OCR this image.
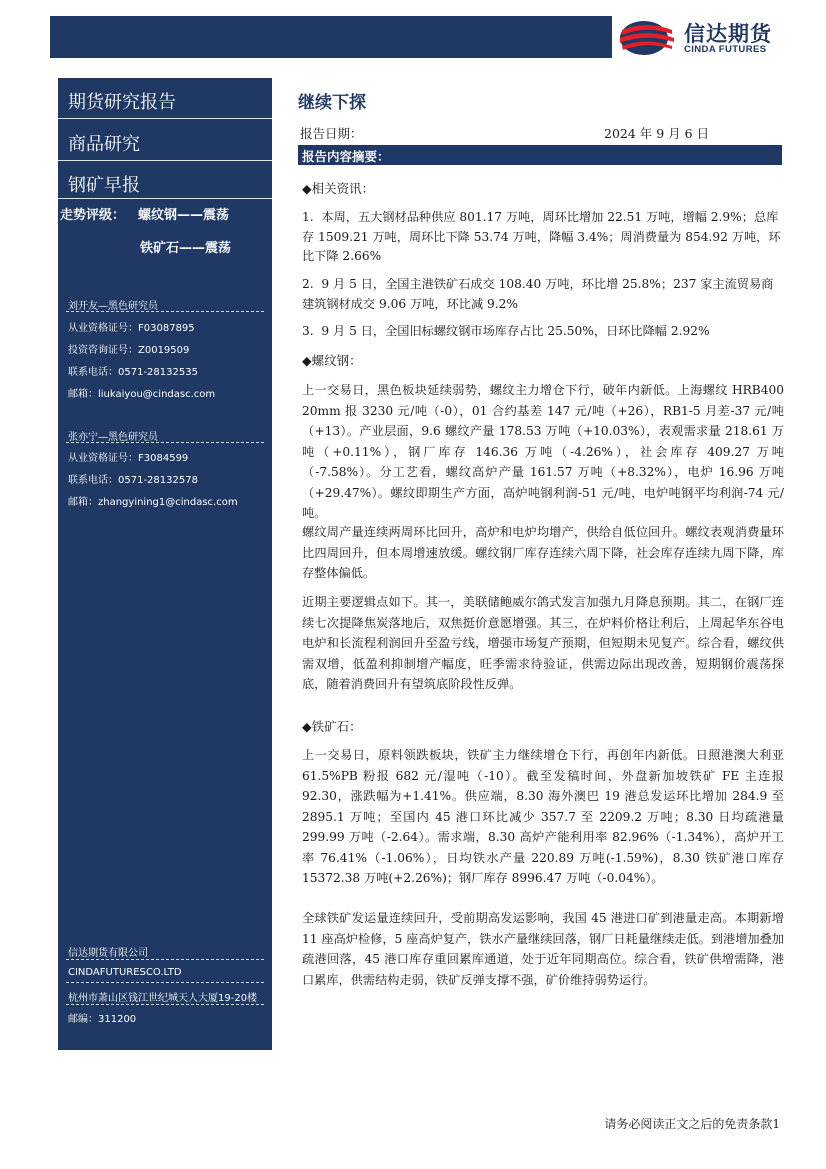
信达期货
CINDA FUTURES
期货研究报告
商品研究
钢矿早报
走势评级： 螺纹钢——震荡
铁矿石——震荡
刘开友—黑色研究员
从业资格证号：F03087895
投资咨询证号：Z0019509
联系电话：0571-28132535
邮箱：liukaiyou@cindasc.com
张亦宁—黑色研究员
从业资格证号：F3084599
联系电话：0571-28132578
邮箱：zhangyining1@cindasc.com
信达期货有限公司
CINDAFUTURESCO.LTD
杭州市萧山区钱江世纪城天人大厦19-20楼
邮编：311200
继续下探
报告日期：	2024 年 9 月 6 日
报告内容摘要：
◆相关资讯：
1. 本周，五大钢材品种供应 801.17 万吨，周环比增加 22.51 万吨，增幅 2.9%；总库存 1509.21 万吨，周环比下降 53.74 万吨，降幅 3.4%；周消费量为 854.92 万吨，环比下降 2.66%
2. 9 月 5 日，全国主港铁矿石成交 108.40 万吨，环比增 25.8%；237 家主流贸易商建筑钢材成交 9.06 万吨，环比减 9.2%
3. 9 月 5 日，全国旧标螺纹钢市场库存占比 25.50%，日环比降幅 2.92%
◆螺纹钢：
上一交易日，黑色板块延续弱势，螺纹主力增仓下行，破年内新低。上海螺纹 HRB400 20mm 报 3230 元/吨（-0），01 合约基差 147 元/吨（+26），RB1-5 月差-37 元/吨（+13）。产业层面，9.6 螺纹产量 178.53 万吨（+10.03%），表观需求量 218.61 万吨（+0.11%），钢厂库存 146.36 万吨（-4.26%），社会库存 409.27 万吨（-7.58%）。分工艺看，螺纹高炉产量 161.57 万吨（+8.32%），电炉 16.96 万吨（+29.47%）。螺纹即期生产方面，高炉吨钢利润-51 元/吨，电炉吨钢平均利润-74 元/吨。
螺纹周产量连续两周环比回升，高炉和电炉均增产，供给自低位回升。螺纹表观消费量环比四周回升，但本周增速放缓。螺纹钢厂库存连续六周下降，社会库存连续九周下降，库存整体偏低。
近期主要逻辑点如下。其一，美联储鲍威尔鸽式发言加强九月降息预期。其二，在钢厂连续七次提降焦炭落地后，双焦挺价意愿增强。其三，在炉料价格让利后，上周起华东谷电电炉和长流程利润回升至盈亏线，增强市场复产预期，但短期未见复产。综合看，螺纹供需双增，低盈利抑制增产幅度，旺季需求待验证，供需边际出现改善，短期钢价震荡探底，随着消费回升有望筑底阶段性反弹。
◆铁矿石：
上一交易日，原料领跌板块，铁矿主力继续增仓下行，再创年内新低。日照港澳大利亚 61.5%PB 粉报 682 元/湿吨（-10）。截至发稿时间，外盘新加坡铁矿 FE 主连报 92.30，涨跌幅为+1.41%。供应端，8.30 海外澳巴 19 港总发运环比增加 284.9 至 2895.1 万吨；至国内 45 港口环比减少 357.7 至 2209.2 万吨；8.30 日均疏港量 299.99 万吨（-2.64）。需求端，8.30 高炉产能利用率 82.96%（-1.34%），高炉开工率 76.41%（-1.06%），日均铁水产量 220.89 万吨(-1.59%)，8.30 铁矿港口库存 15372.38 万吨(+2.26%)；钢厂库存 8996.47 万吨（-0.04%）。
全球铁矿发运量连续回升，受前期高发运影响，我国 45 港进口矿到港量走高。本期新增 11 座高炉检修，5 座高炉复产，铁水产量继续回落，钢厂日耗量继续走低。到港增加叠加疏港回落，45 港口库存重回累库通道，处于近年同期高位。综合看，铁矿供增需降，港口累库，供需结构走弱，铁矿反弹支撑不强，矿价维持弱势运行。
请务必阅读正文之后的免责条款1
